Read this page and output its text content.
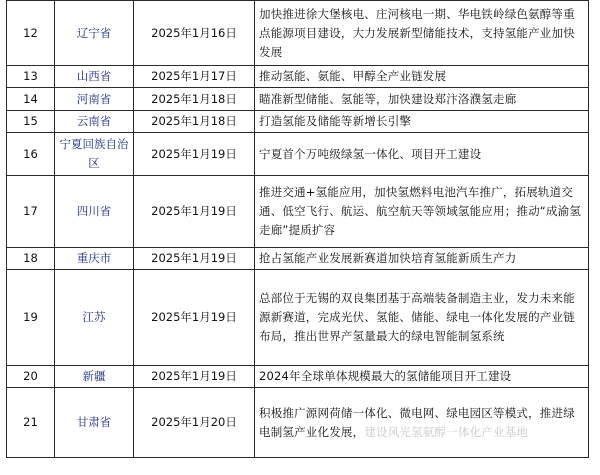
12	辽宁省	2025年1月16日	加快推进徐大堡核电、庄河核电一期、华电铁岭绿色氨醇等重点能源项目建设，大力发展新型储能技术，支持氢能产业加快发展
13	山西省	2025年1月17日	推动氢能、氨能、甲醇全产业链发展
14	河南省	2025年1月18日	瞄准新型储能、氢能等，加快建设郑汴洛濮氢走廊
15	云南省	2025年1月18日	打造氢能及储能等新增长引擎
16	宁夏回族自治区	2025年1月19日	宁夏首个万吨级绿氢一体化、项目开工建设
17	四川省	2025年1月19日	推进交通+氢能应用，加快氢燃料电池汽车推广，拓展轨道交通、低空飞行、航运、航空航天等领域氢能应用；推动“成渝氢走廊”提质扩容
18	重庆市	2025年1月19日	抢占氢能产业发展新赛道加快培育氢能新质生产力
19	江苏	2025年1月19日	总部位于无锡的双良集团基于高端装备制造主业，发力未来能源新赛道，完成光伏、氢能、储能、绿电一体化发展的产业链布局，推出世界产氢量最大的绿电智能制氢系统
20	新疆	2025年1月19日	2024年全球单体规模最大的氢储能项目开工建设
21	甘肃省	2025年1月20日	积极推广源网荷储一体化、微电网、绿电园区等模式，推进绿电制氢产业化发展，建设风光氢氨醇一体化产业基地
